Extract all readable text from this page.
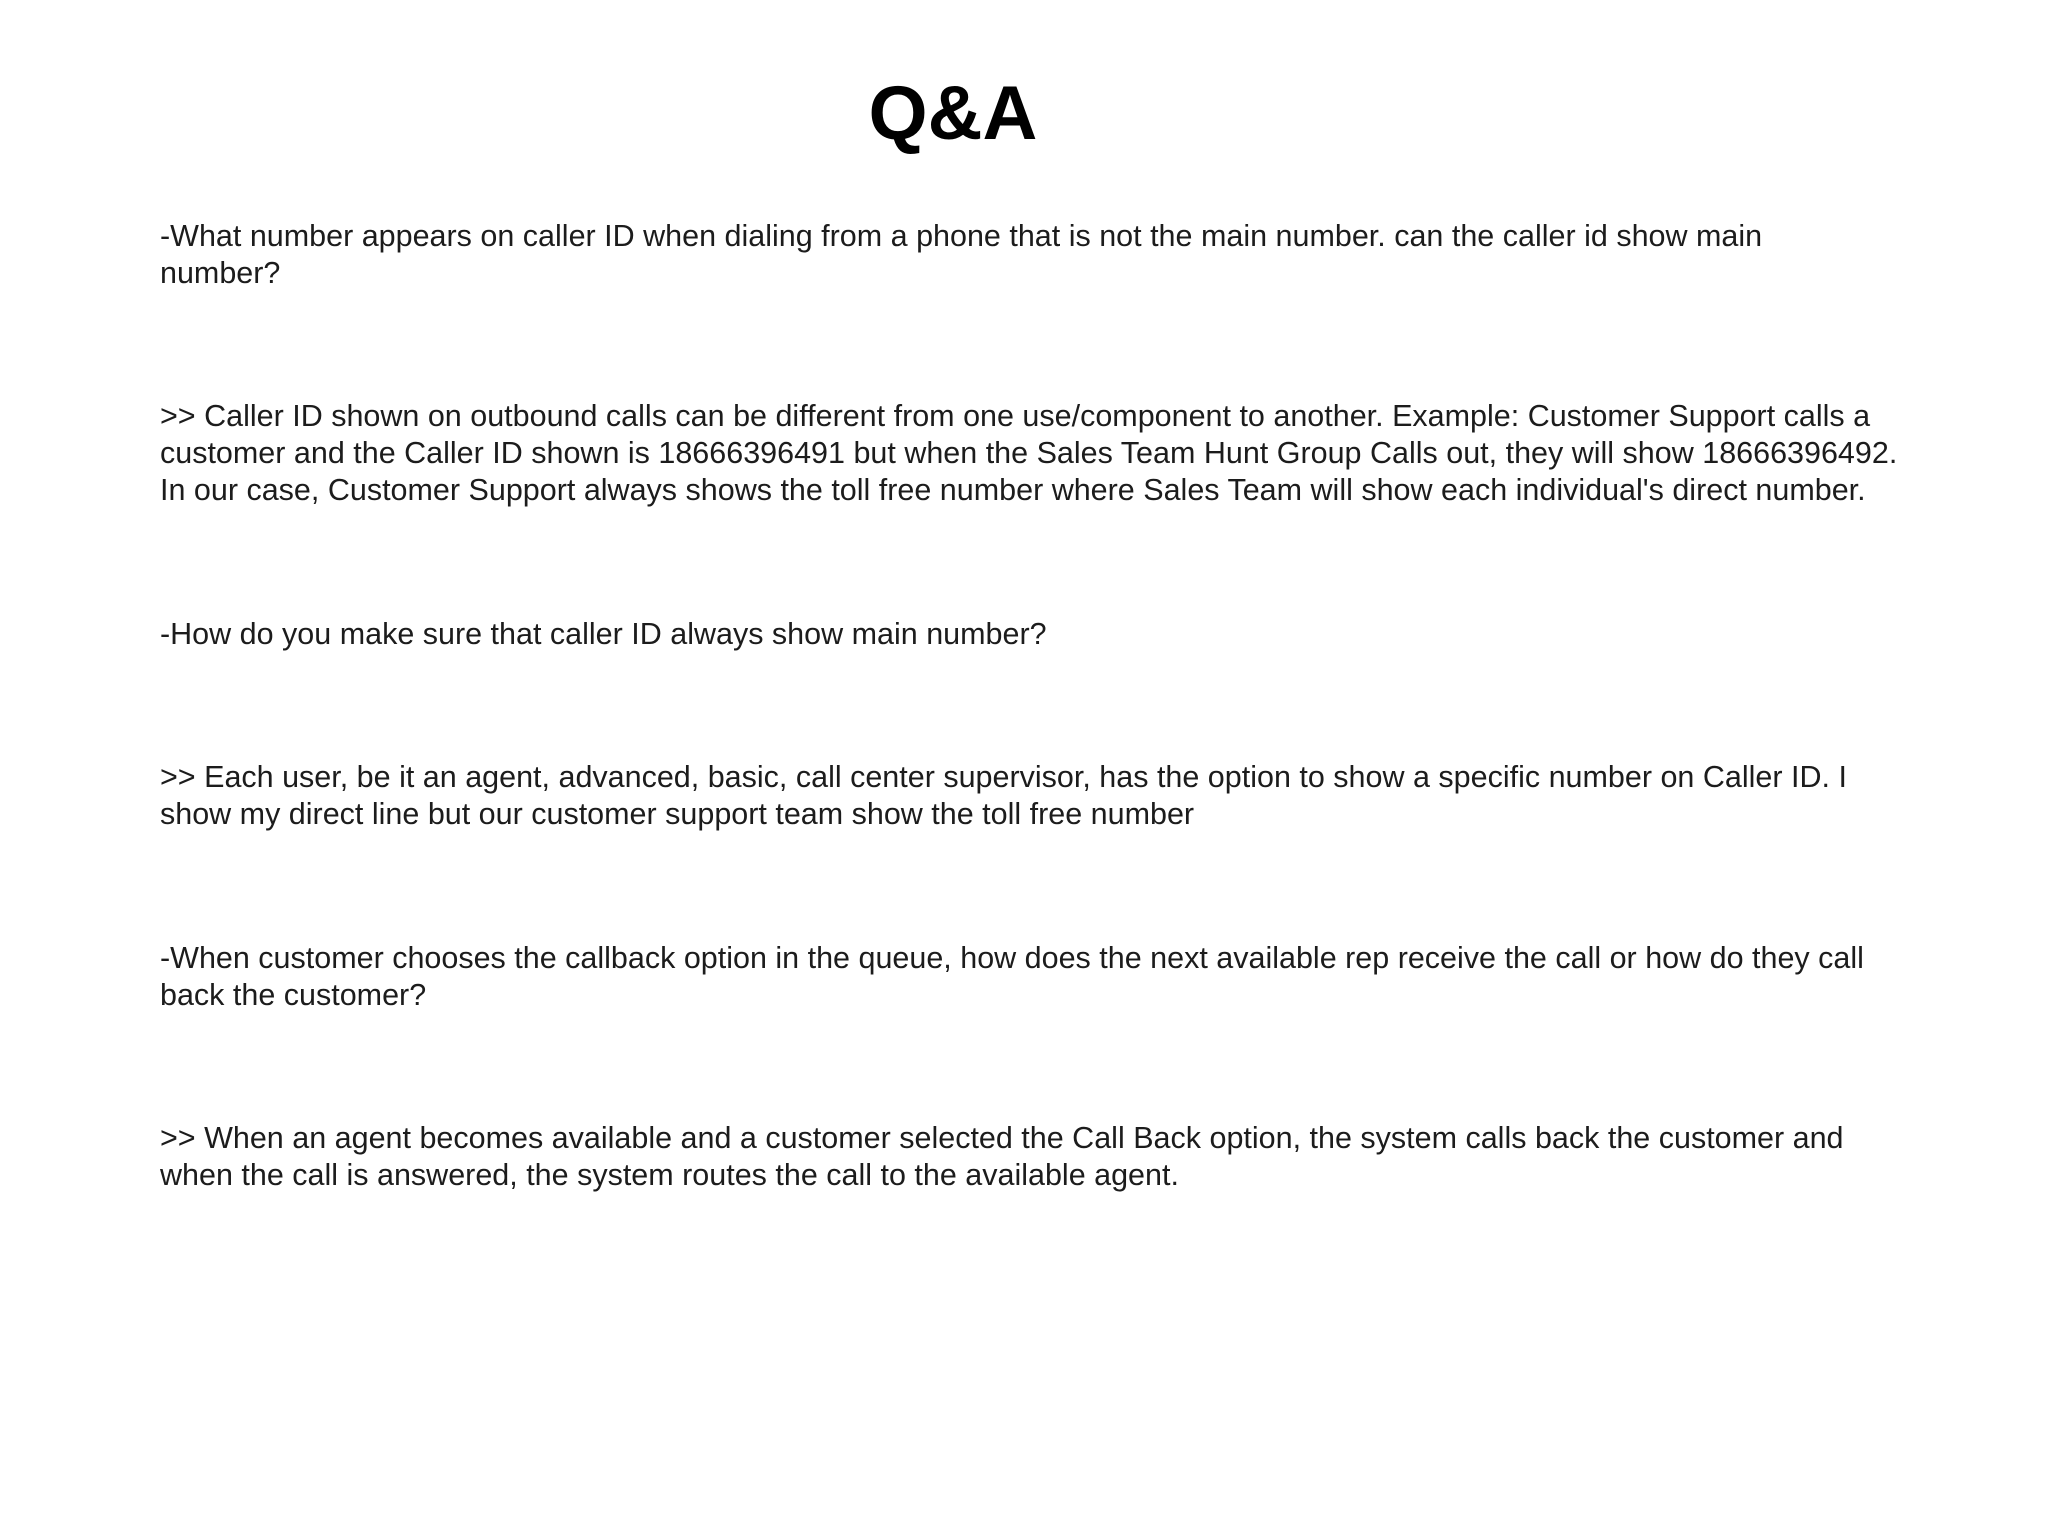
Q&A

-What number appears on caller ID when dialing from a phone that is not the main number. can the caller id show main
number?

>> Caller ID shown on outbound calls can be different from one use/component to another. Example: Customer Support calls a
customer and the Caller ID shown is 18666396491 but when the Sales Team Hunt Group Calls out, they will show 18666396492.
In our case, Customer Support always shows the toll free number where Sales Team will show each individual's direct number.

-How do you make sure that caller ID always show main number?

>> Each user, be it an agent, advanced, basic, call center supervisor, has the option to show a specific number on Caller ID. I
show my direct line but our customer support team show the toll free number

-When customer chooses the callback option in the queue, how does the next available rep receive the call or how do they call
back the customer?

>> When an agent becomes available and a customer selected the Call Back option, the system calls back the customer and
when the call is answered, the system routes the call to the available agent.
